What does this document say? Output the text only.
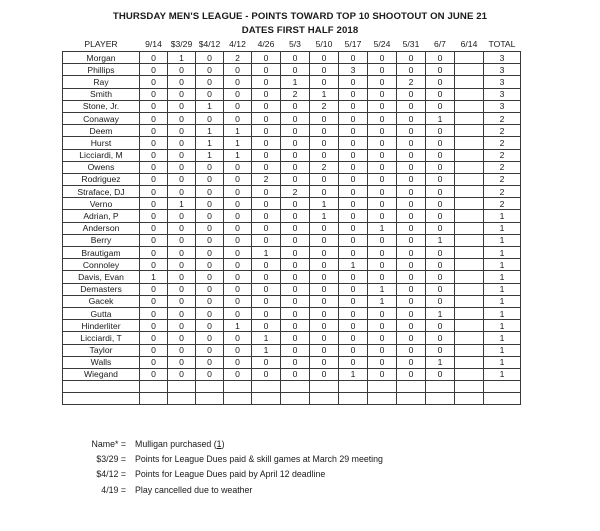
THURSDAY MEN'S LEAGUE - POINTS TOWARD TOP 10 SHOOTOUT ON JUNE 21
DATES FIRST HALF 2018
PLAYER	9/14	$3/29	$4/12	4/12	4/26	5/3	5/10	5/17	5/24	5/31	6/7	6/14	TOTAL
Morgan	0	1	0	2	0	0	0	0	0	0	0		3
Phillips	0	0	0	0	0	0	0	3	0	0	0		3
Ray	0	0	0	0	0	1	0	0	0	2	0		3
Smith	0	0	0	0	0	2	1	0	0	0	0		3
Stone, Jr.	0	0	1	0	0	0	2	0	0	0	0		3
Conaway	0	0	0	0	0	0	0	0	0	0	1		2
Deem	0	0	1	1	0	0	0	0	0	0	0		2
Hurst	0	0	1	1	0	0	0	0	0	0	0		2
Licciardi, M	0	0	1	1	0	0	0	0	0	0	0		2
Owens	0	0	0	0	0	0	2	0	0	0	0		2
Rodriguez	0	0	0	0	2	0	0	0	0	0	0		2
Straface, DJ	0	0	0	0	0	2	0	0	0	0	0		2
Verno	0	1	0	0	0	0	1	0	0	0	0		2
Adrian, P	0	0	0	0	0	0	1	0	0	0	0		1
Anderson	0	0	0	0	0	0	0	0	1	0	0		1
Berry	0	0	0	0	0	0	0	0	0	0	1		1
Brautigam	0	0	0	0	1	0	0	0	0	0	0		1
Connoley	0	0	0	0	0	0	0	1	0	0	0		1
Davis, Evan	1	0	0	0	0	0	0	0	0	0	0		1
Demasters	0	0	0	0	0	0	0	0	1	0	0		1
Gacek	0	0	0	0	0	0	0	0	1	0	0		1
Gutta	0	0	0	0	0	0	0	0	0	0	1		1
Hinderliter	0	0	0	1	0	0	0	0	0	0	0		1
Licciardi, T	0	0	0	0	1	0	0	0	0	0	0		1
Taylor	0	0	0	0	1	0	0	0	0	0	0		1
Walls	0	0	0	0	0	0	0	0	0	0	1		1
Wiegand	0	0	0	0	0	0	0	1	0	0	0		1

Name* =	Mulligan purchased (1)
$3/29 =	Points for League Dues paid & skill games at March 29 meeting
$4/12 =	Points for League Dues paid by April 12 deadline
4/19 =	Play cancelled due to weather
